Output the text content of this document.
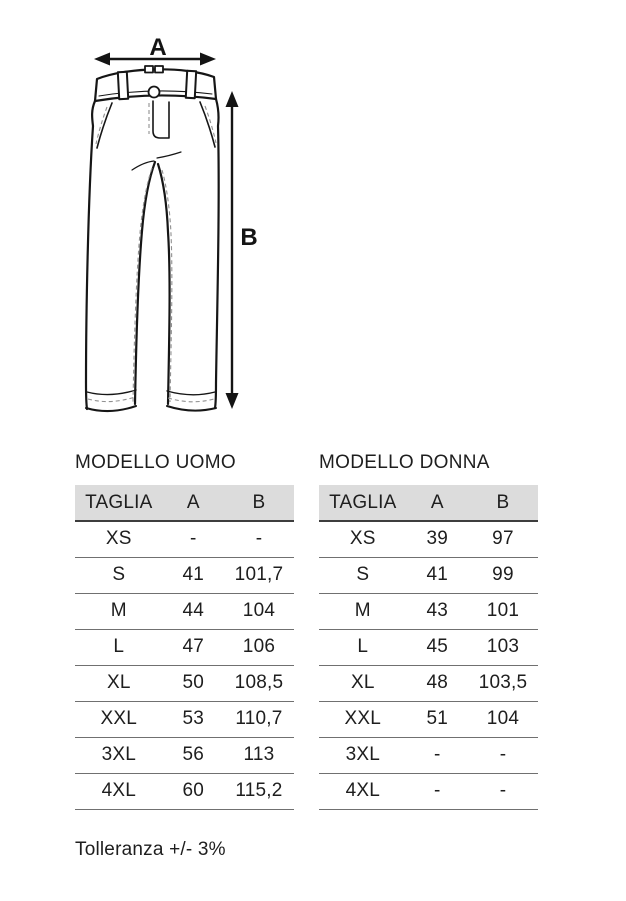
A
B
MODELLO UOMO
TAGLIA	A	B
XS	-	-
S	41	101,7
M	44	104
L	47	106
XL	50	108,5
XXL	53	110,7
3XL	56	113
4XL	60	115,2
MODELLO DONNA
TAGLIA	A	B
XS	39	97
S	41	99
M	43	101
L	45	103
XL	48	103,5
XXL	51	104
3XL	-	-
4XL	-	-

Tolleranza +/- 3%
